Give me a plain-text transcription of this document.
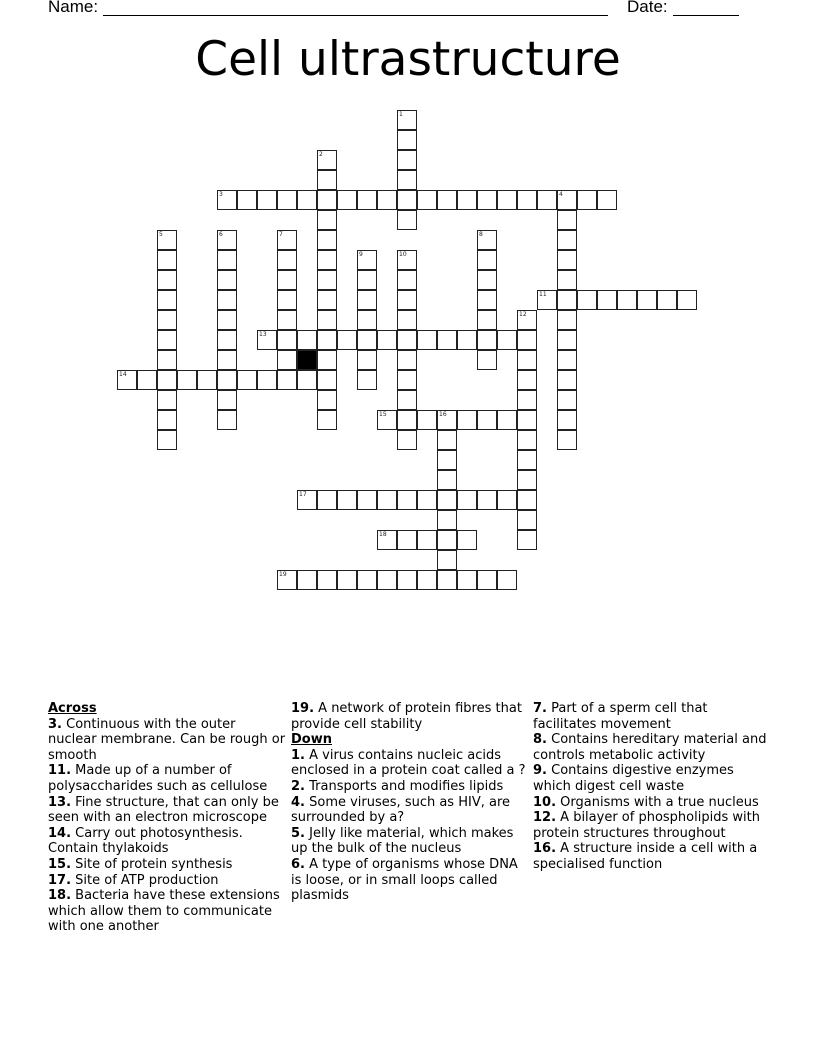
Name:	Date:
Cell ultrastructure
1
2
3	4
5	6	7	8
9	10
11
12
13
14
15	16
17
18
19
Across
3. Continuous with the outer nuclear membrane. Can be rough or smooth
11. Made up of a number of polysaccharides such as cellulose
13. Fine structure, that can only be seen with an electron microscope
14. Carry out photosynthesis. Contain thylakoids
15. Site of protein synthesis
17. Site of ATP production
18. Bacteria have these extensions which allow them to communicate with one another
19. A network of protein fibres that provide cell stability
Down
1. A virus contains nucleic acids enclosed in a protein coat called a ?
2. Transports and modifies lipids
4. Some viruses, such as HIV, are surrounded by a?
5. Jelly like material, which makes up the bulk of the nucleus
6. A type of organisms whose DNA is loose, or in small loops called plasmids
7. Part of a sperm cell that facilitates movement
8. Contains hereditary material and controls metabolic activity
9. Contains digestive enzymes which digest cell waste
10. Organisms with a true nucleus
12. A bilayer of phospholipids with protein structures throughout
16. A structure inside a cell with a specialised function
